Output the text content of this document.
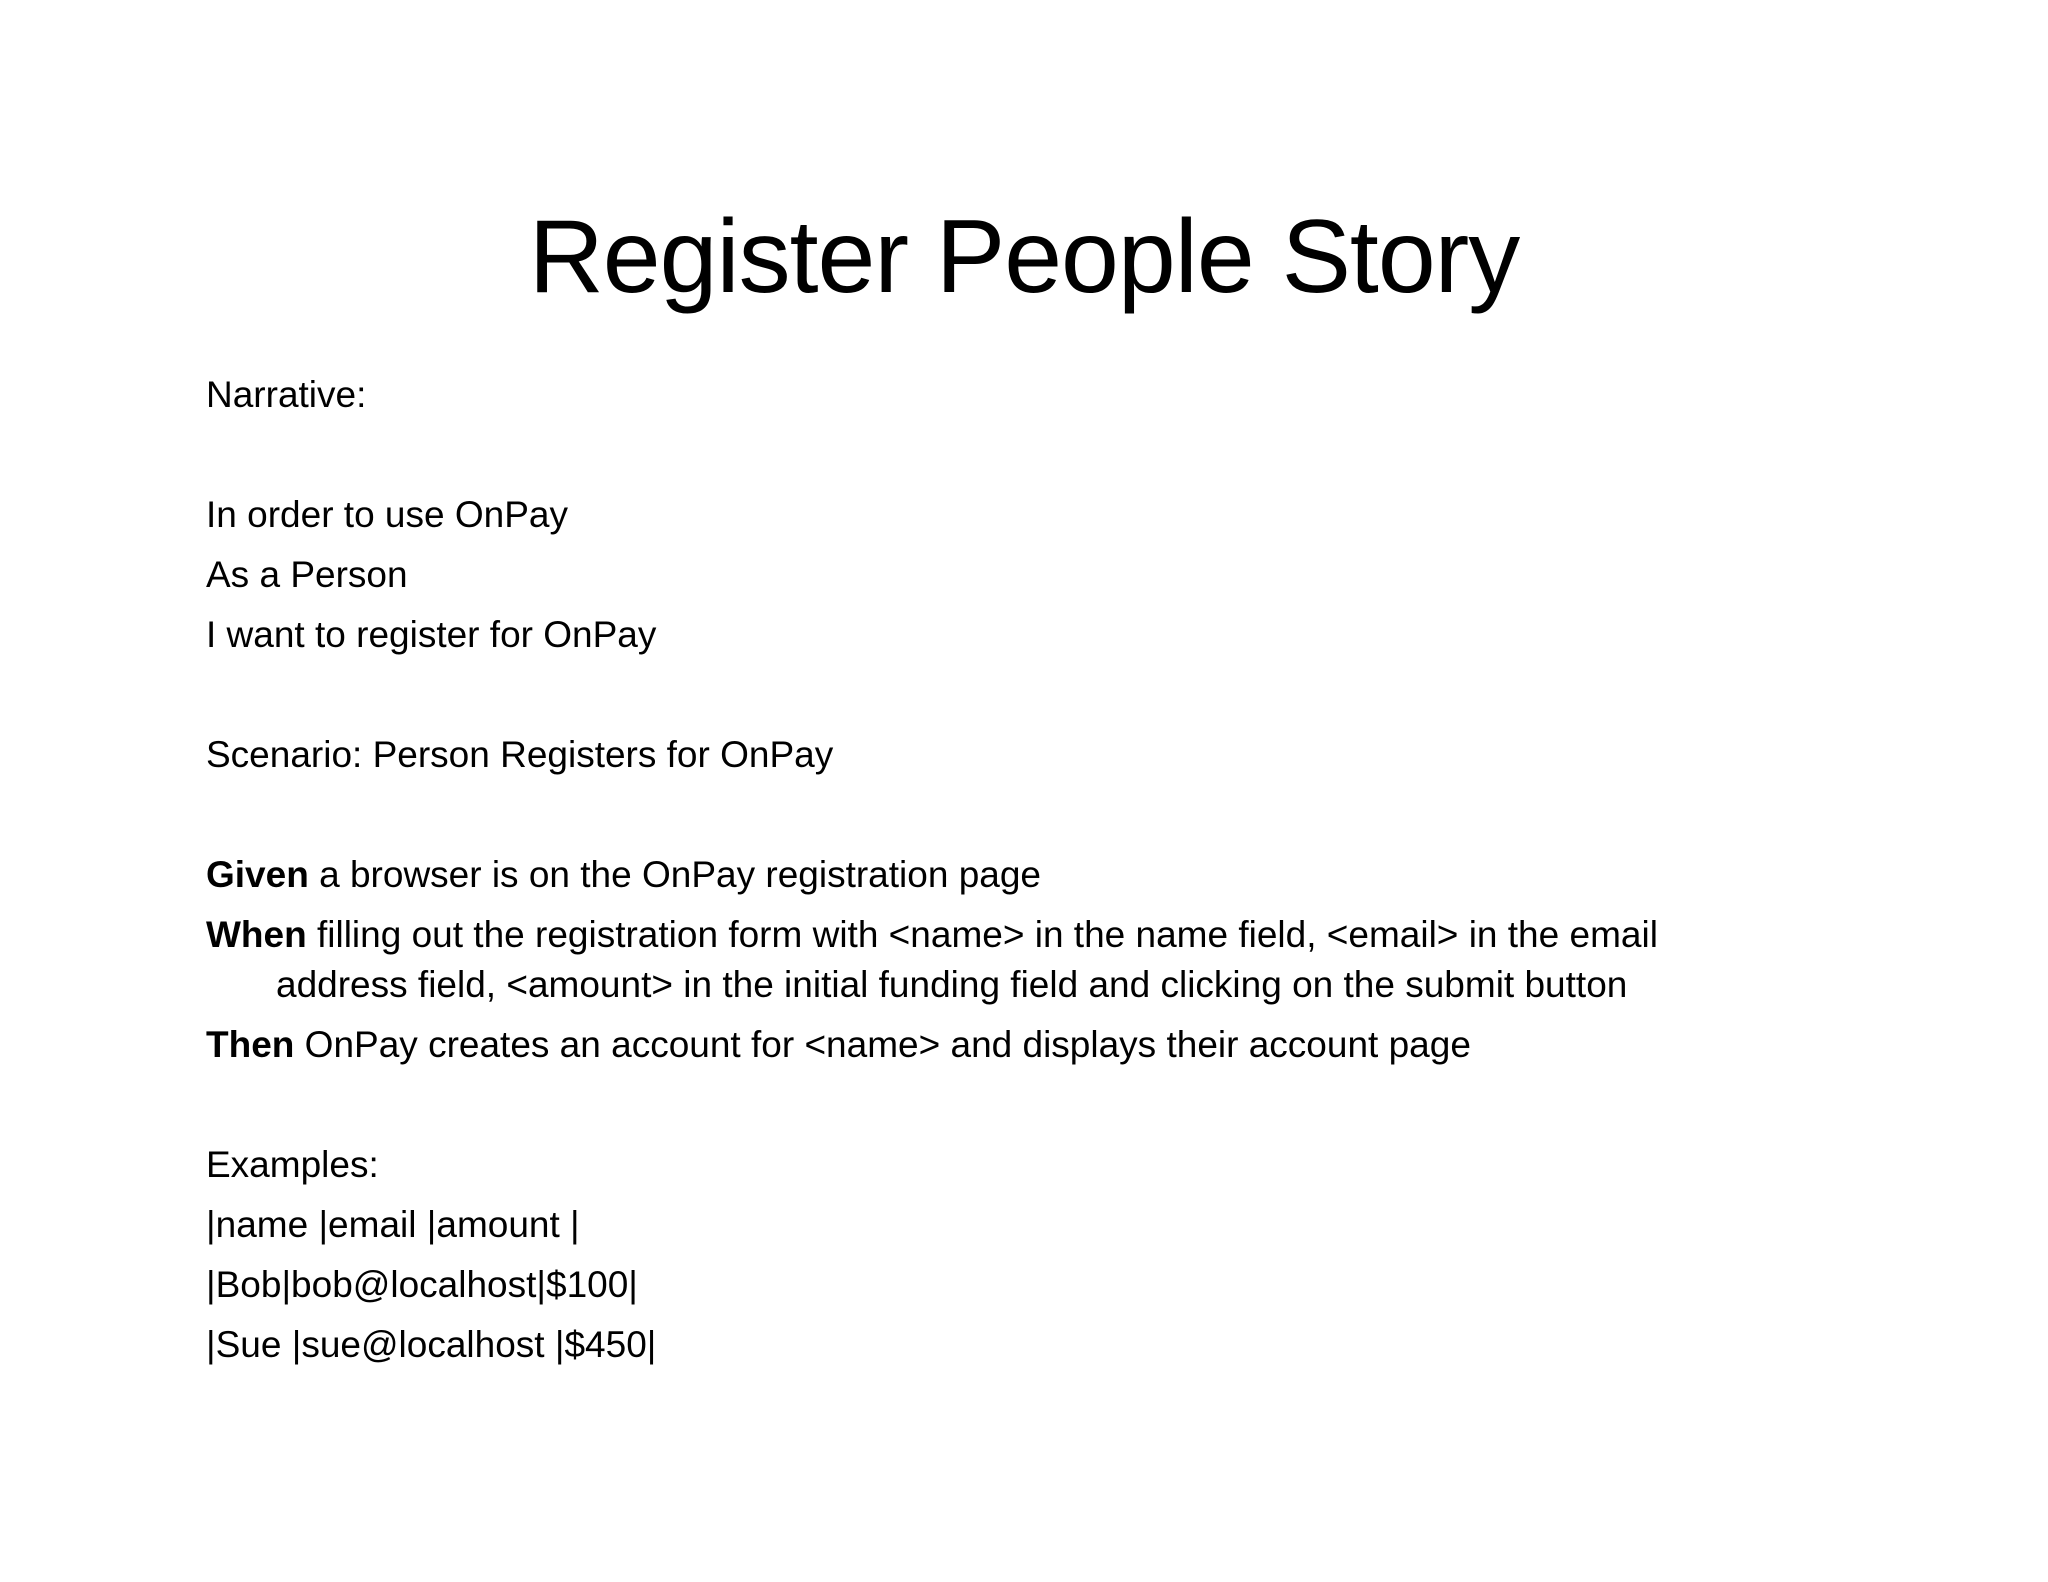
Register People Story
Narrative:
In order to use OnPay
As a Person
I want to register for OnPay
Scenario: Person Registers for OnPay
Given a browser is on the OnPay registration page
When filling out the registration form with <name> in the name field, <email> in the email
address field, <amount> in the initial funding field and clicking on the submit button
Then OnPay creates an account for <name> and displays their account page
Examples:
|name |email |amount |
|Bob|bob@localhost|$100|
|Sue |sue@localhost |$450|
